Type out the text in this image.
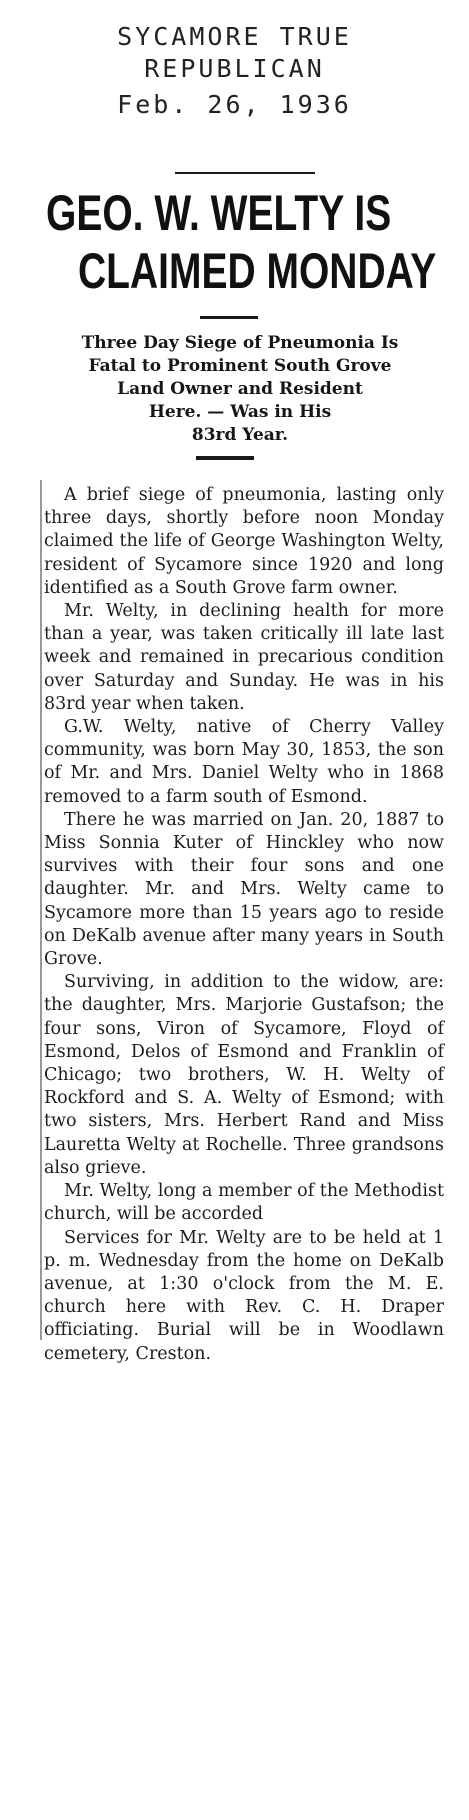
SYCAMORE TRUE
REPUBLICAN
Feb. 26, 1936
GEO. W. WELTY IS
CLAIMED MONDAY
Three Day Siege of Pneumonia Is
Fatal to Prominent South Grove
Land Owner and Resident
Here. — Was in His
83rd Year.

A brief siege of pneumonia, lasting only three days, shortly before noon Monday claimed the life of George Washington Welty, resident of Sycamore since 1920 and long identified as a South Grove farm owner.

Mr. Welty, in declining health for more than a year, was taken critically ill late last week and remained in precarious condition over Saturday and Sunday. He was in his 83rd year when taken.

G.W. Welty, native of Cherry Valley community, was born May 30, 1853, the son of Mr. and Mrs. Daniel Welty who in 1868 removed to a farm south of Esmond.

There he was married on Jan. 20, 1887 to Miss Sonnia Kuter of Hinckley who now survives with their four sons and one daughter. Mr. and Mrs. Welty came to Sycamore more than 15 years ago to reside on DeKalb avenue after many years in South Grove.

Surviving, in addition to the widow, are: the daughter, Mrs. Marjorie Gustafson; the four sons, Viron of Sycamore, Floyd of Esmond, Delos of Esmond and Franklin of Chicago; two brothers, W. H. Welty of Rockford and S. A. Welty of Esmond; with two sisters, Mrs. Herbert Rand and Miss Lauretta Welty at Rochelle. Three grandsons also grieve.

Mr. Welty, long a member of the Methodist church, will be accorded

Services for Mr. Welty are to be held at 1 p. m. Wednesday from the home on DeKalb avenue, at 1:30 o'clock from the M. E. church here with Rev. C. H. Draper officiating. Burial will be in Woodlawn cemetery, Creston.
